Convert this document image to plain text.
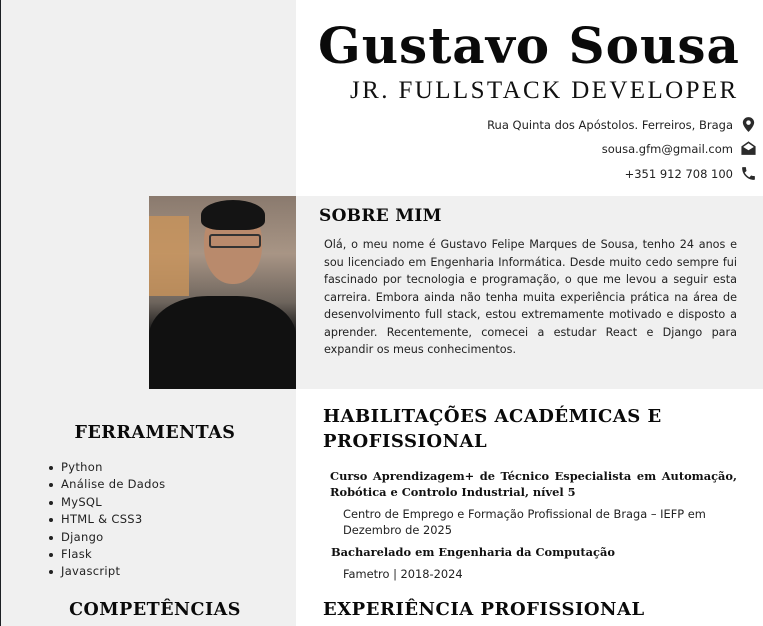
Gustavo Sousa
JR. FULLSTACK DEVELOPER
Rua Quinta dos Apóstolos. Ferreiros, Braga
sousa.gfm@gmail.com
+351 912 708 100
SOBRE MIM

Olá, o meu nome é Gustavo Felipe Marques de Sousa, tenho 24 anos e sou licenciado em Engenharia Informática. Desde muito cedo sempre fui fascinado por tecnologia e programação, o que me levou a seguir esta carreira. Embora ainda não tenha muita experiência prática na área de desenvolvimento full stack, estou extremamente motivado e disposto a aprender. Recentemente, comecei a estudar React e Django para expandir os meus conhecimentos.

FERRAMENTAS
Python
Análise de Dados
MySQL
HTML & CSS3
Django
Flask
Javascript
COMPETÊNCIAS
HABILITAÇÕES ACADÉMICAS E PROFISSIONAL
Curso Aprendizagem+ de Técnico Especialista em Automação, Robótica e Controlo Industrial, nível 5
Centro de Emprego e Formação Profissional de Braga – IEFP em Dezembro de 2025
Bacharelado em Engenharia da Computação
Fametro | 2018-2024
EXPERIÊNCIA PROFISSIONAL
